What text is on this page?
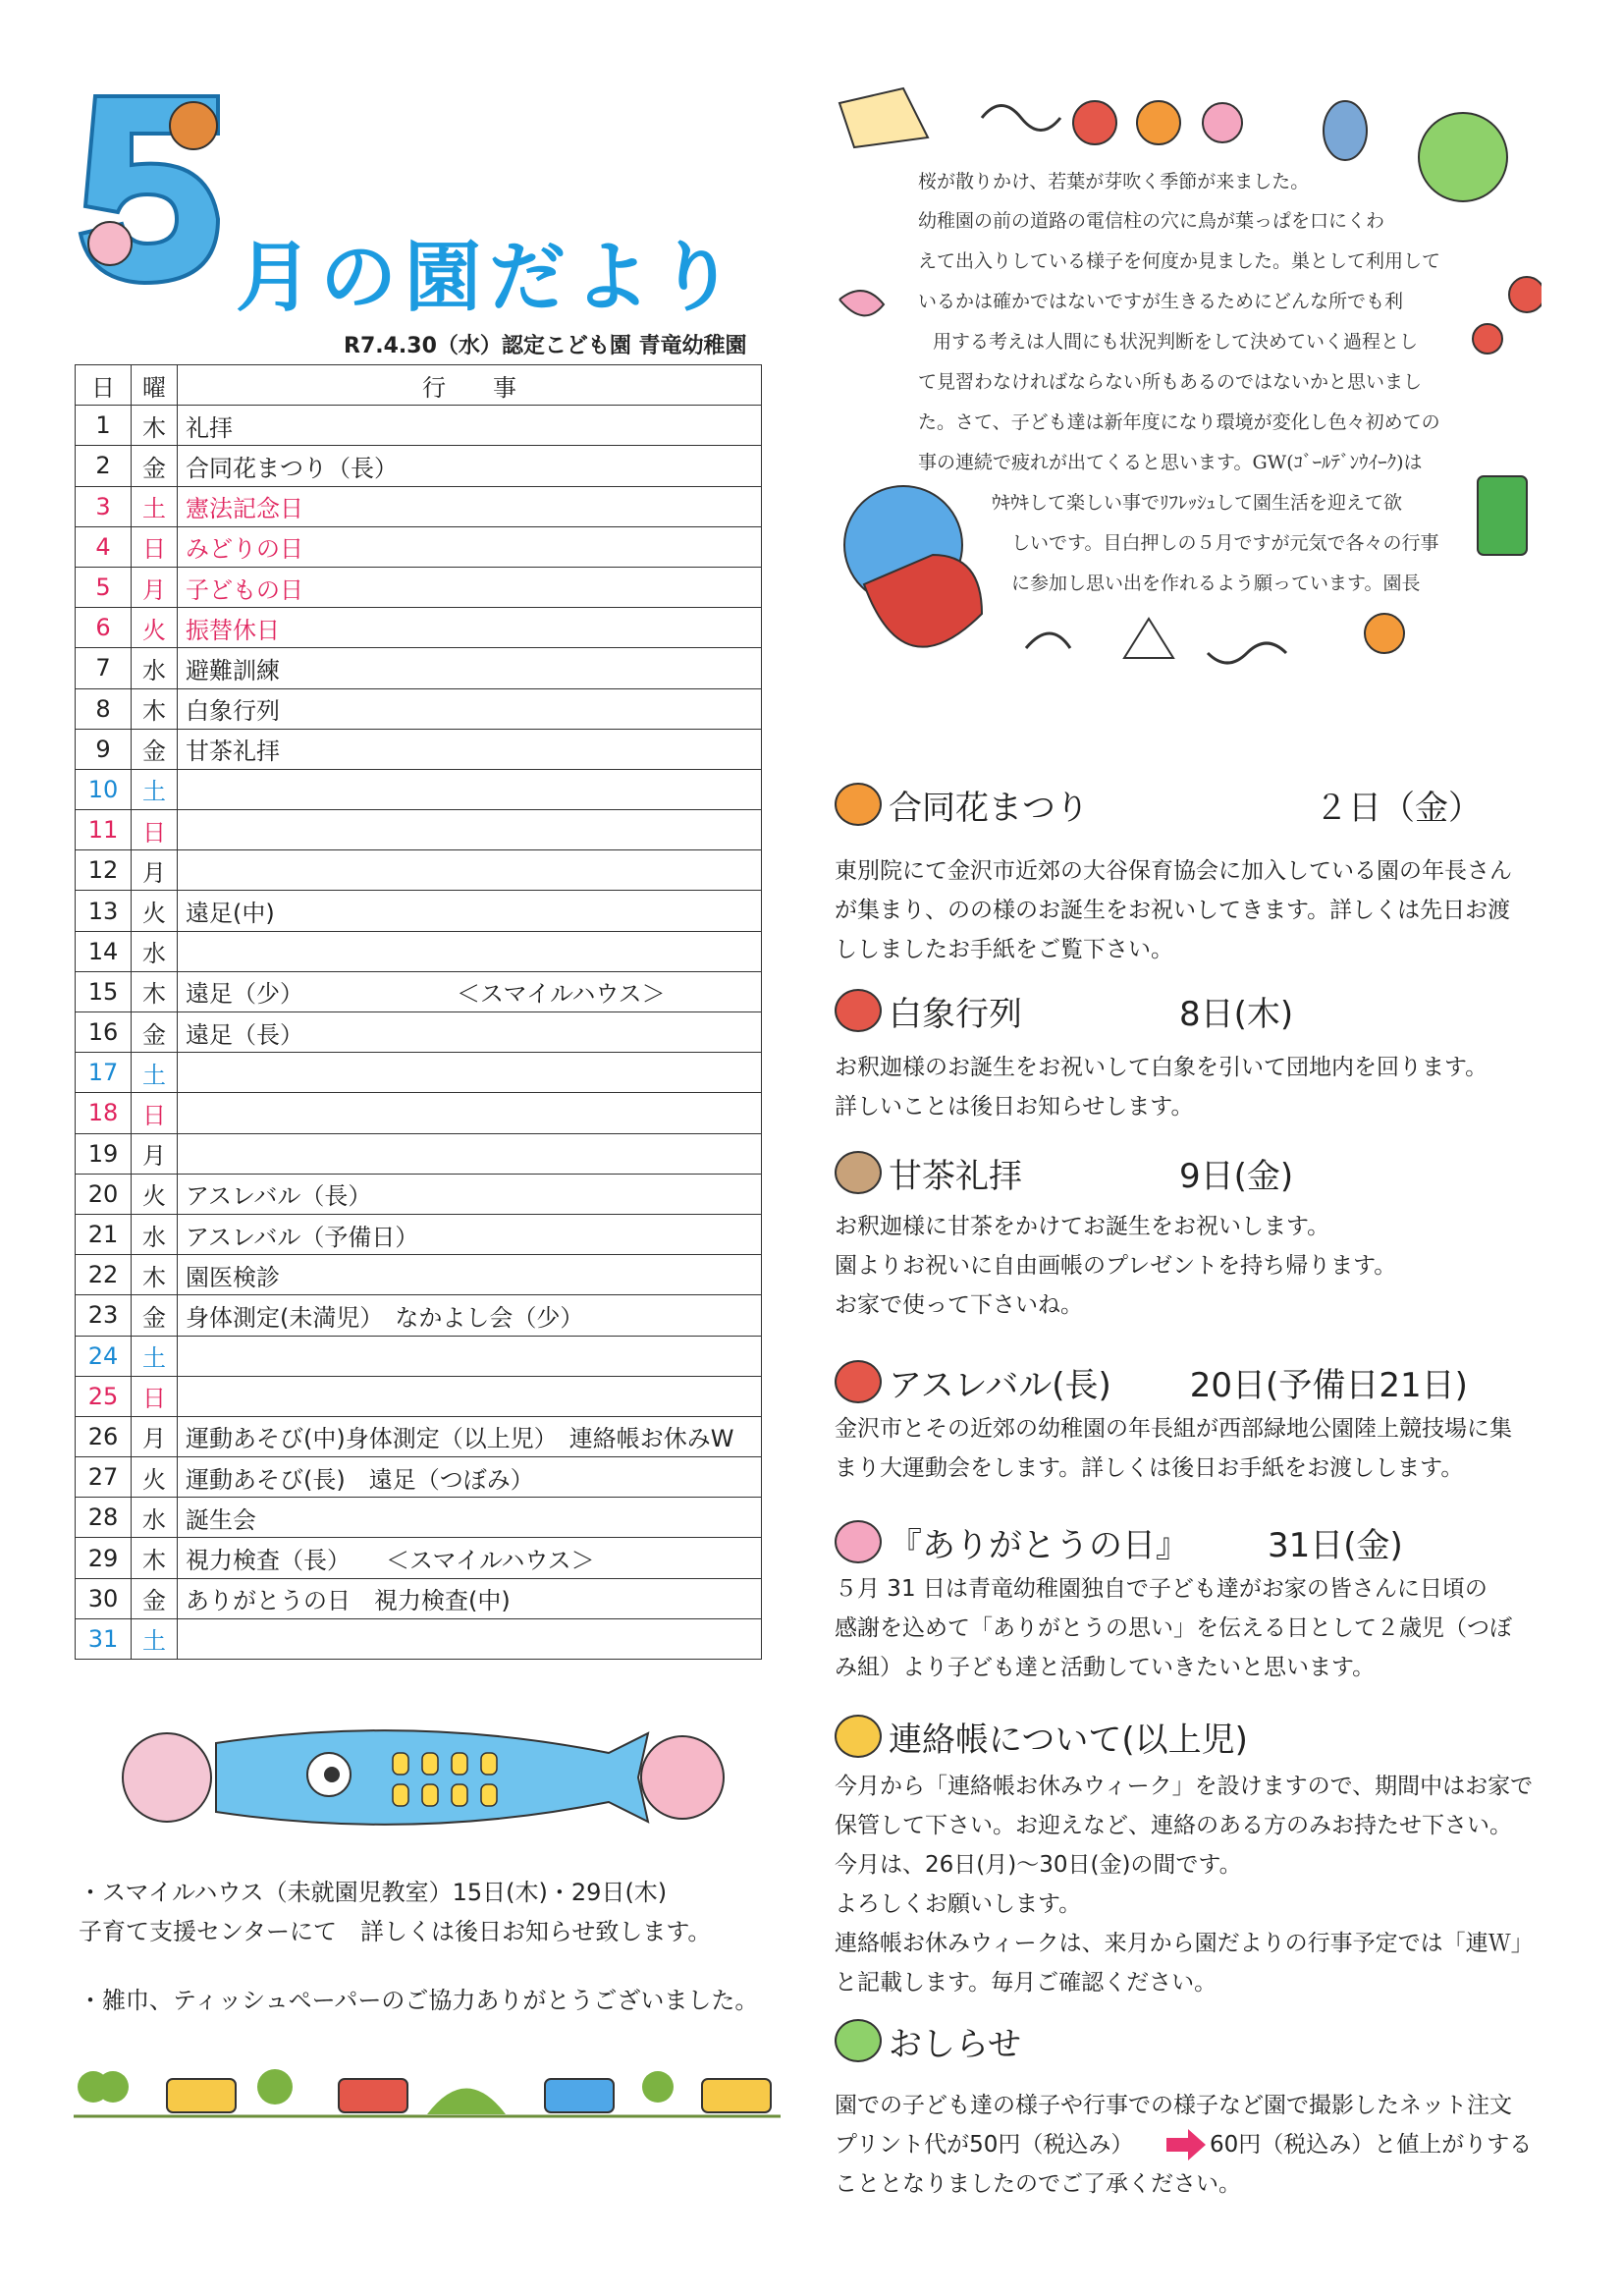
月の園だより
R7.4.30（水）認定こども園 青竜幼稚園
日	曜	行　　事
1	木	礼拝
2	金	合同花まつり（長）
3	土	憲法記念日
4	日	みどりの日
5	月	子どもの日
6	火	振替休日
7	水	避難訓練
8	木	白象行列
9	金	甘茶礼拝
10	土	
11	日	
12	月	
13	火	遠足(中)
14	水	
15	木	遠足（少）　　　　　　　＜スマイルハウス＞
16	金	遠足（長）
17	土	
18	日	
19	月	
20	火	アスレバル（長）
21	水	アスレバル（予備日）
22	木	園医検診
23	金	身体測定(未満児）　なかよし会（少）
24	土	
25	日	
26	月	運動あそび(中)身体測定（以上児）　連絡帳お休みW
27	火	運動あそび(長)　遠足（つぼみ）
28	水	誕生会
29	木	視力検査（長）　　＜スマイルハウス＞
30	金	ありがとうの日　視力検査(中)
31	土	
・スマイルハウス（未就園児教室）15日(木)・29日(木)
子育て支援センターにて　詳しくは後日お知らせ致します。
・雑巾、ティッシュペーパーのご協力ありがとうございました。
桜が散りかけ、若葉が芽吹く季節が来ました。
幼稚園の前の道路の電信柱の穴に鳥が葉っぱを口にくわ
えて出入りしている様子を何度か見ました。巣として利用して
いるかは確かではないですが生きるためにどんな所でも利
用する考えは人間にも状況判断をして決めていく過程とし
て見習わなければならない所もあるのではないかと思いまし
た。さて、子ども達は新年度になり環境が変化し色々初めての
事の連続で疲れが出てくると思います。GW(ｺﾞｰﾙﾃﾞﾝｳｲｰｸ)は
ｳｷｳｷして楽しい事でﾘﾌﾚｯｼｭして園生活を迎えて欲
しいです。目白押しの５月ですが元気で各々の行事
に参加し思い出を作れるよう願っています。園長
合同花まつり	２日（金）
東別院にて金沢市近郊の大谷保育協会に加入している園の年長さん
が集まり、のの様のお誕生をお祝いしてきます。詳しくは先日お渡
ししましたお手紙をご覧下さい。
白象行列	8日(木)
お釈迦様のお誕生をお祝いして白象を引いて団地内を回ります。
詳しいことは後日お知らせします。
甘茶礼拝	9日(金)
お釈迦様に甘茶をかけてお誕生をお祝いします。
園よりお祝いに自由画帳のプレゼントを持ち帰ります。
お家で使って下さいね。
アスレバル(長) 20日(予備日21日)
金沢市とその近郊の幼稚園の年長組が西部緑地公園陸上競技場に集
まり大運動会をします。詳しくは後日お手紙をお渡しします。
『ありがとうの日』 31日(金)
５月 31 日は青竜幼稚園独自で子ども達がお家の皆さんに日頃の
感謝を込めて「ありがとうの思い」を伝える日として２歳児（つぼ
み組）より子ども達と活動していきたいと思います。
連絡帳について(以上児)
今月から「連絡帳お休みウィーク」を設けますので、期間中はお家で
保管して下さい。お迎えなど、連絡のある方のみお持たせ下さい。
今月は、26日(月)～30日(金)の間です。
よろしくお願いします。
連絡帳お休みウィークは、来月から園だよりの行事予定では「連Ｗ」
と記載します。毎月ご確認ください。
おしらせ
園での子ども達の様子や行事での様子など園で撮影したネット注文
プリント代が50円（税込み）	60円（税込み）と値上がりする
こととなりましたのでご了承ください。
